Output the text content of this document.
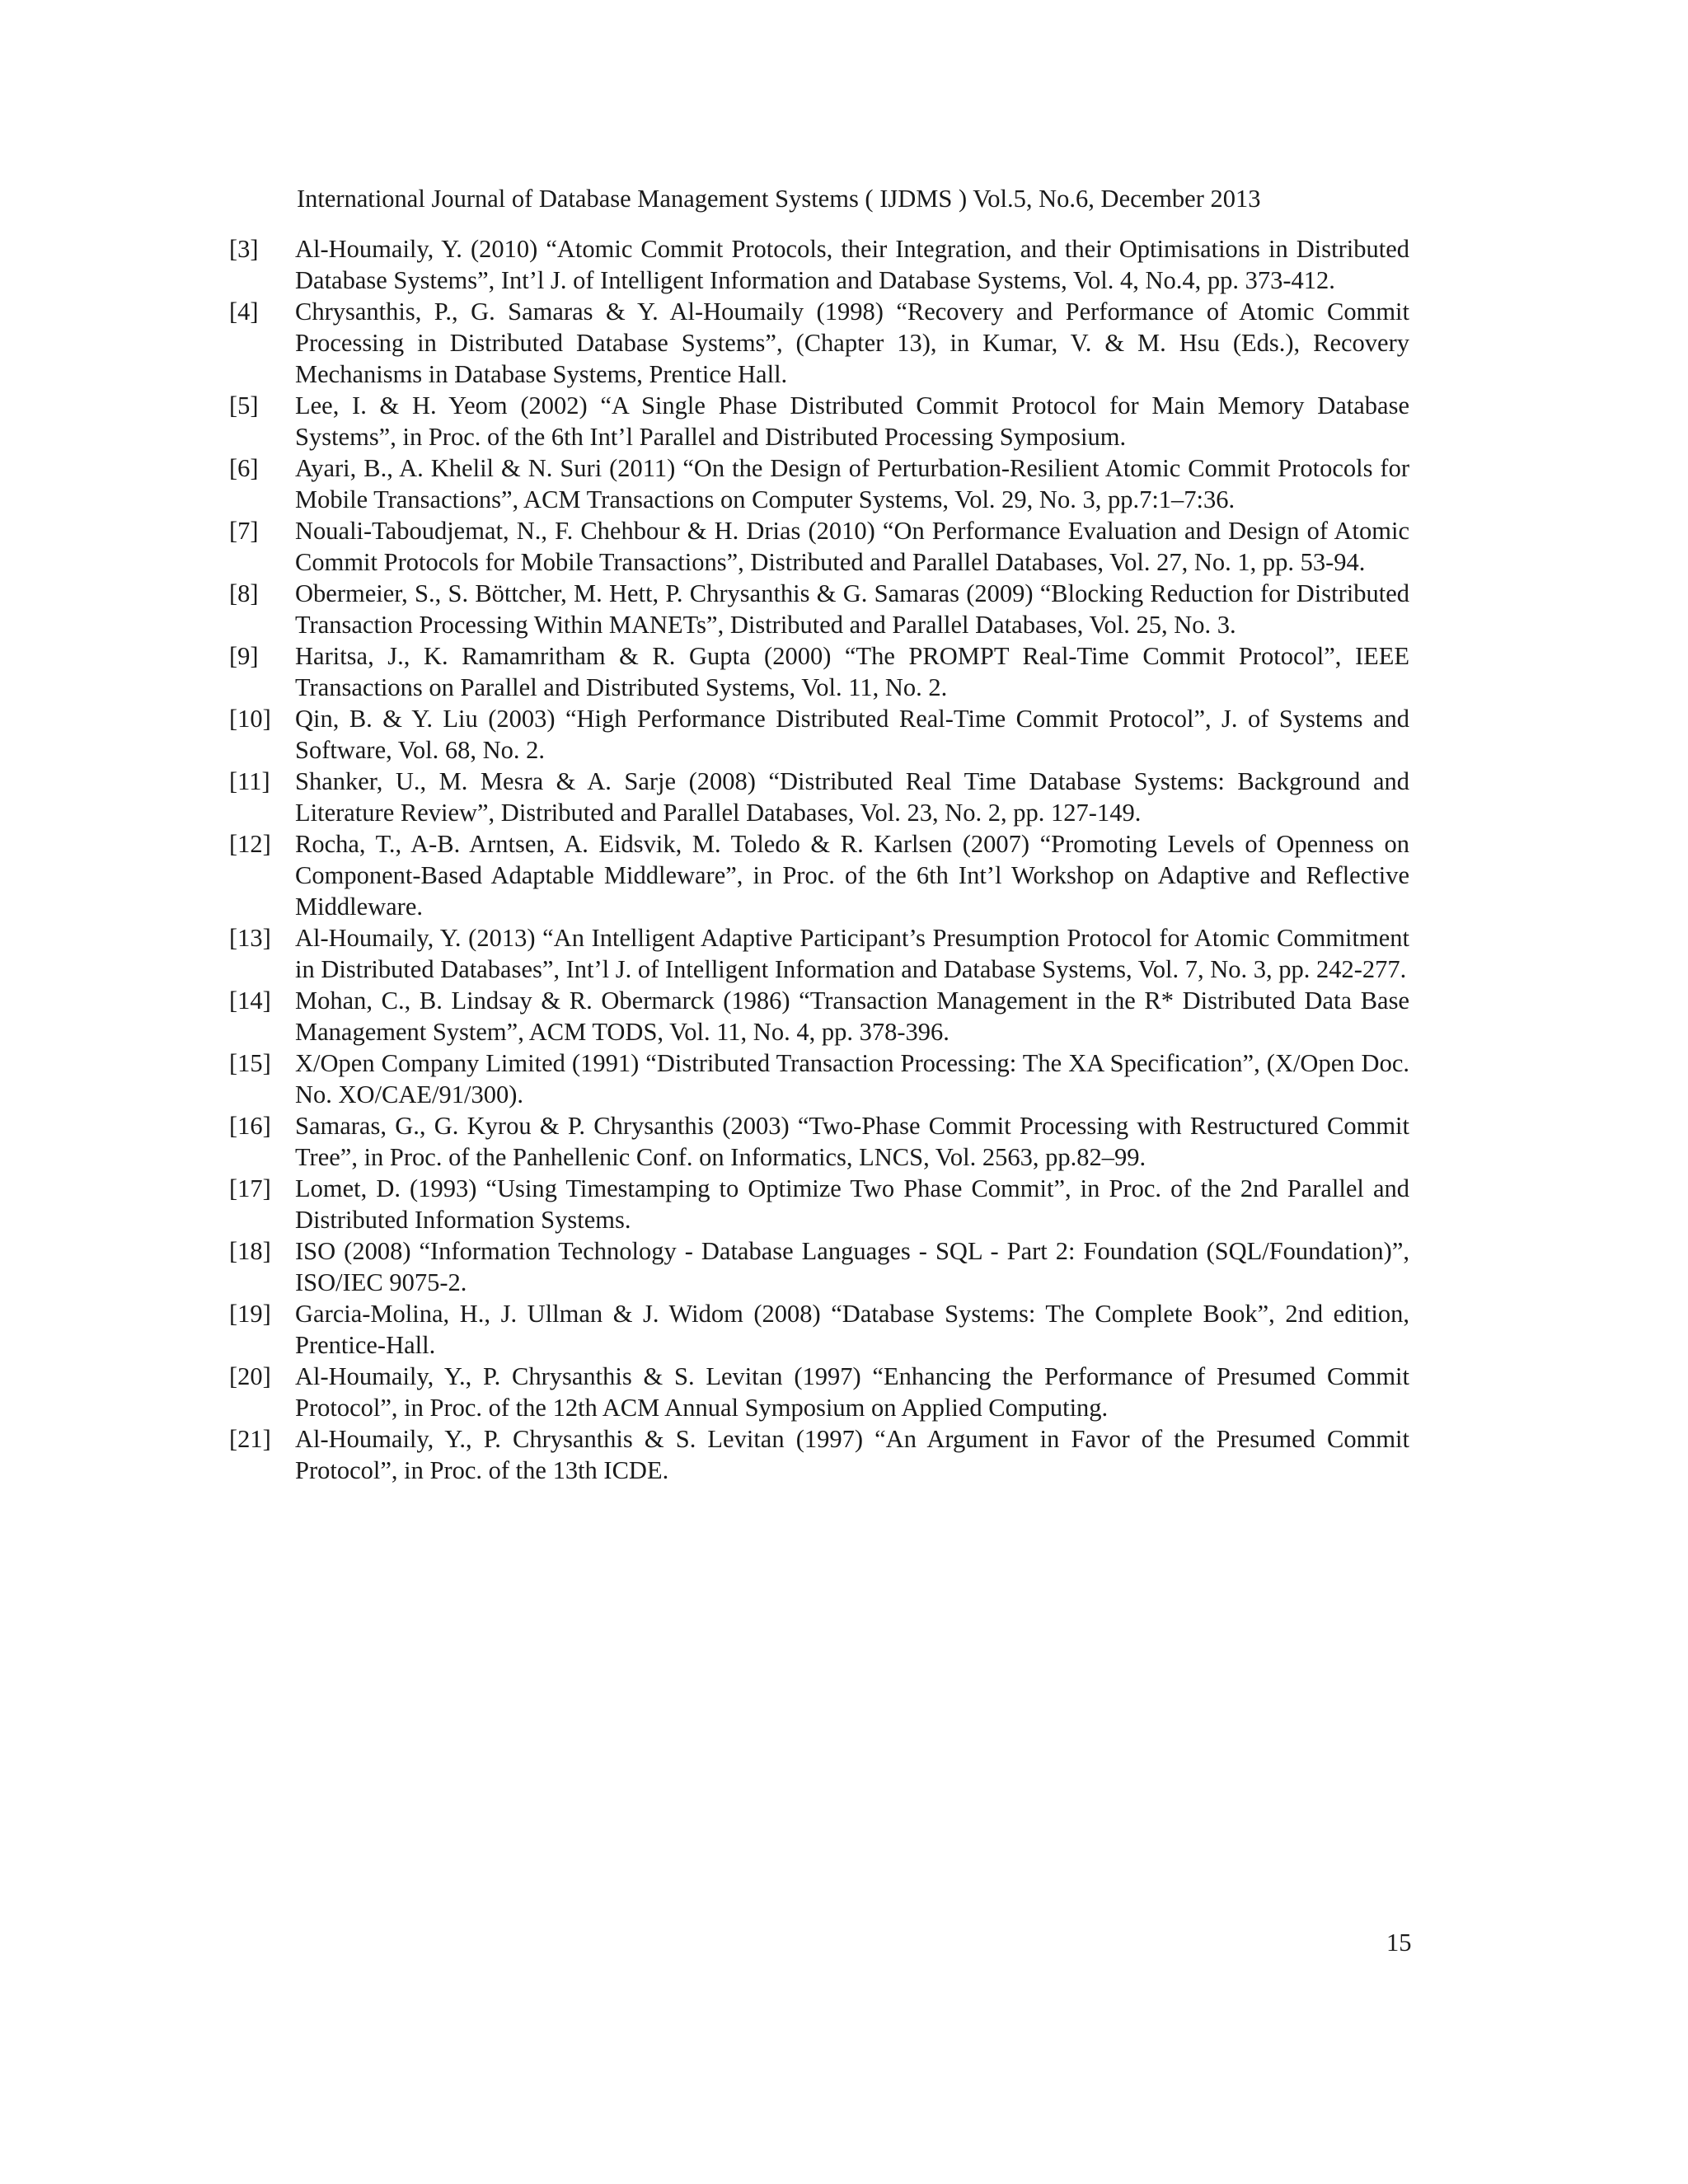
International Journal of Database Management Systems ( IJDMS ) Vol.5, No.6, December 2013
[3]	Al-Houmaily, Y. (2010) “Atomic Commit Protocols, their Integration, and their Optimisations in Distributed Database Systems”, Int’l J. of Intelligent Information and Database Systems, Vol. 4, No.4, pp. 373-412.
[4]	Chrysanthis, P., G. Samaras & Y. Al-Houmaily (1998) “Recovery and Performance of Atomic Commit Processing in Distributed Database Systems”, (Chapter 13), in Kumar, V. & M. Hsu (Eds.), Recovery Mechanisms in Database Systems, Prentice Hall.
[5]	Lee, I. & H. Yeom (2002) “A Single Phase Distributed Commit Protocol for Main Memory Database Systems”, in Proc. of the 6th Int’l Parallel and Distributed Processing Symposium.
[6]	Ayari, B., A. Khelil & N. Suri (2011) “On the Design of Perturbation-Resilient Atomic Commit Protocols for Mobile Transactions”, ACM Transactions on Computer Systems, Vol. 29, No. 3, pp.7:1–7:36.
[7]	Nouali-Taboudjemat, N., F. Chehbour & H. Drias (2010) “On Performance Evaluation and Design of Atomic Commit Protocols for Mobile Transactions”, Distributed and Parallel Databases, Vol. 27, No. 1, pp. 53-94.
[8]	Obermeier, S., S. Böttcher, M. Hett, P. Chrysanthis & G. Samaras (2009) “Blocking Reduction for Distributed Transaction Processing Within MANETs”, Distributed and Parallel Databases, Vol. 25, No. 3.
[9]	Haritsa, J., K. Ramamritham & R. Gupta (2000) “The PROMPT Real-Time Commit Protocol”, IEEE Transactions on Parallel and Distributed Systems, Vol. 11, No. 2.
[10] Qin, B. & Y. Liu (2003) “High Performance Distributed Real-Time Commit Protocol”, J. of Systems and Software, Vol. 68, No. 2.
[11] Shanker, U., M. Mesra & A. Sarje (2008) “Distributed Real Time Database Systems: Background and Literature Review”, Distributed and Parallel Databases, Vol. 23, No. 2, pp. 127-149.
[12] Rocha, T., A-B. Arntsen, A. Eidsvik, M. Toledo & R. Karlsen (2007) “Promoting Levels of Openness on Component-Based Adaptable Middleware”, in Proc. of the 6th Int’l Workshop on Adaptive and Reflective Middleware.
[13] Al-Houmaily, Y. (2013) “An Intelligent Adaptive Participant’s Presumption Protocol for Atomic Commitment in Distributed Databases”, Int’l J. of Intelligent Information and Database Systems, Vol. 7, No. 3, pp. 242-277.
[14] Mohan, C., B. Lindsay & R. Obermarck (1986) “Transaction Management in the R* Distributed Data Base Management System”, ACM TODS, Vol. 11, No. 4, pp. 378-396.
[15] X/Open Company Limited (1991) “Distributed Transaction Processing: The XA Specification”, (X/Open Doc. No. XO/CAE/91/300).
[16] Samaras, G., G. Kyrou & P. Chrysanthis (2003) “Two-Phase Commit Processing with Restructured Commit Tree”, in Proc. of the Panhellenic Conf. on Informatics, LNCS, Vol. 2563, pp.82–99.
[17] Lomet, D. (1993) “Using Timestamping to Optimize Two Phase Commit”, in Proc. of the 2nd Parallel and Distributed Information Systems.
[18] ISO (2008) “Information Technology - Database Languages - SQL - Part 2: Foundation (SQL/Foundation)”, ISO/IEC 9075-2.
[19] Garcia-Molina, H., J. Ullman & J. Widom (2008) “Database Systems: The Complete Book”, 2nd edition, Prentice-Hall.
[20] Al-Houmaily, Y., P. Chrysanthis & S. Levitan (1997) “Enhancing the Performance of Presumed Commit Protocol”, in Proc. of the 12th ACM Annual Symposium on Applied Computing.
[21] Al-Houmaily, Y., P. Chrysanthis & S. Levitan (1997) “An Argument in Favor of the Presumed Commit Protocol”, in Proc. of the 13th ICDE.
15
